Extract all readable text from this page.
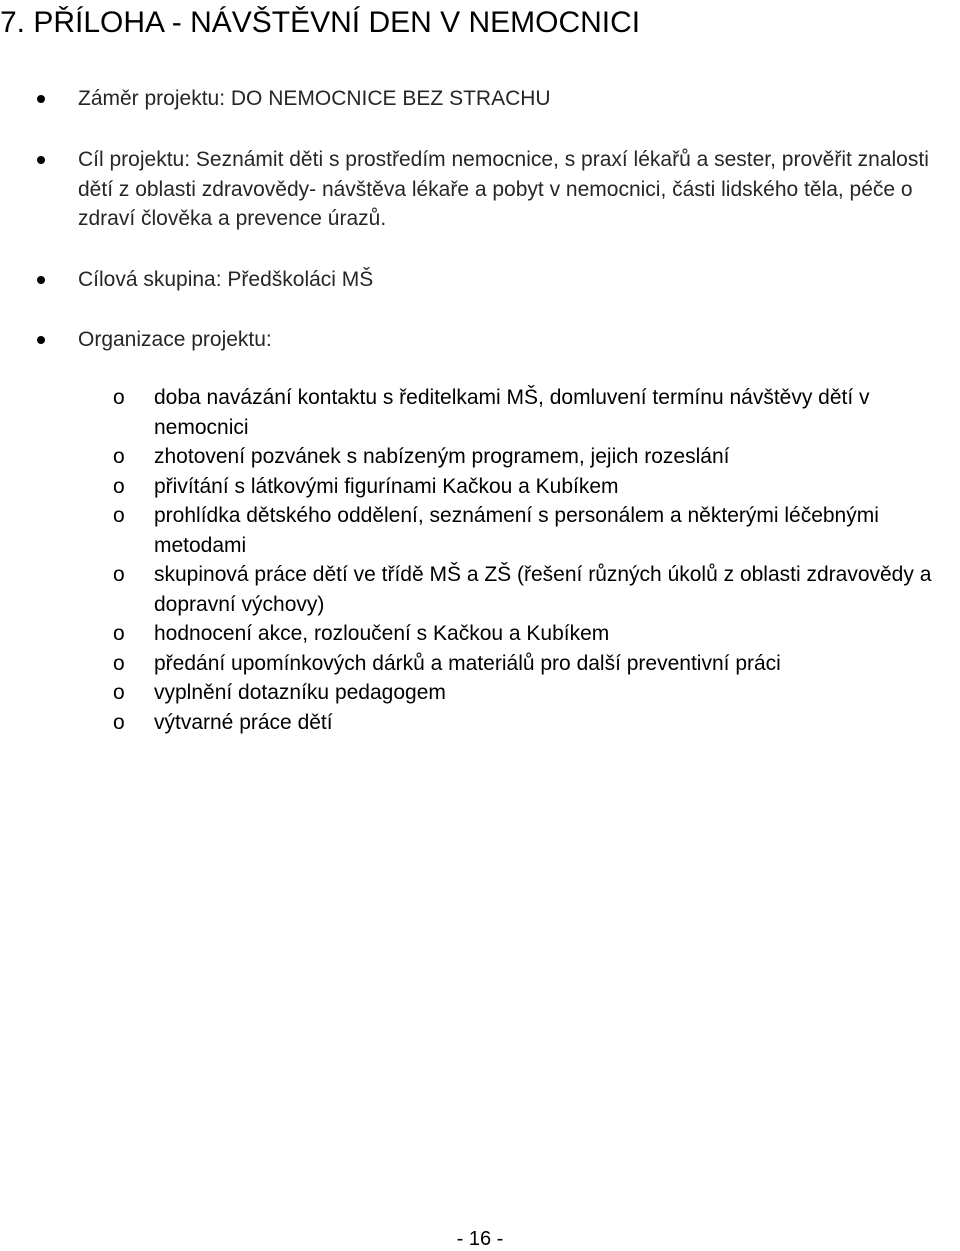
7. PŘÍLOHA - NÁVŠTĚVNÍ DEN V NEMOCNICI
Záměr projektu: DO NEMOCNICE BEZ STRACHU
Cíl projektu: Seznámit děti s prostředím nemocnice, s praxí lékařů a sester, prověřit znalosti dětí z oblasti zdravovědy- návštěva lékaře a pobyt v nemocnici, části lidského těla, péče o zdraví člověka a prevence úrazů.
Cílová skupina: Předškoláci MŠ
Organizace projektu:
o doba navázání kontaktu s ředitelkami MŠ, domluvení termínu návštěvy dětí v nemocnici
o zhotovení pozvánek s nabízeným programem, jejich rozeslání
o přivítání s látkovými figurínami Kačkou a Kubíkem
o prohlídka dětského oddělení, seznámení s personálem a některými léčebnými metodami
o skupinová práce dětí ve třídě MŠ a ZŠ (řešení různých úkolů z oblasti zdravovědy a dopravní výchovy)
o hodnocení akce, rozloučení s Kačkou a Kubíkem
o předání upomínkových dárků a materiálů pro další preventivní práci
o vyplnění dotazníku pedagogem
o výtvarné práce dětí
- 16 -
